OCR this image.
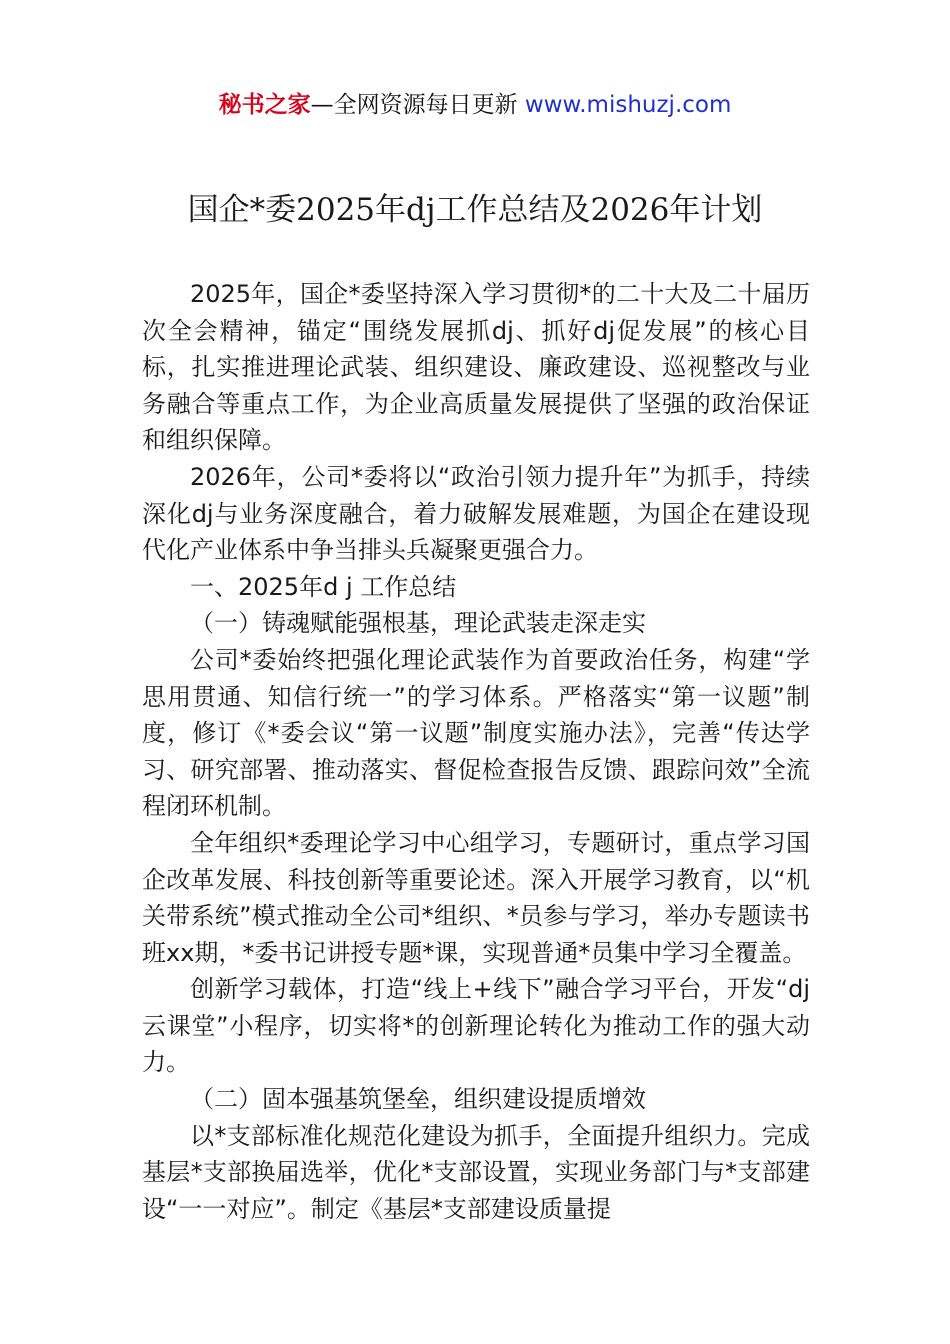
秘书之家—全网资源每日更新 www.mishuzj.com
国企*委2025年dj工作总结及2026年计划

2025年，国企*委坚持深入学习贯彻*的二十大及二十届历次全会精神，锚定“围绕发展抓dj、抓好dj促发展”的核心目标，扎实推进理论武装、组织建设、廉政建设、巡视整改与业务融合等重点工作，为企业高质量发展提供了坚强的政治保证和组织保障。

2026年，公司*委将以“政治引领力提升年”为抓手，持续深化dj与业务深度融合，着力破解发展难题，为国企在建设现代化产业体系中争当排头兵凝聚更强合力。

一、2025年d j 工作总结

（一）铸魂赋能强根基，理论武装走深走实

公司*委始终把强化理论武装作为首要政治任务，构建“学思用贯通、知信行统一”的学习体系。严格落实“第一议题”制度，修订《*委会议“第一议题”制度实施办法》，完善“传达学习、研究部署、推动落实、督促检查报告反馈、跟踪问效”全流程闭环机制。

全年组织*委理论学习中心组学习，专题研讨，重点学习国企改革发展、科技创新等重要论述。深入开展学习教育，以“机关带系统”模式推动全公司*组织、*员参与学习，举办专题读书班xx期，*委书记讲授专题*课，实现普通*员集中学习全覆盖。

创新学习载体，打造“线上+线下”融合学习平台，开发“dj云课堂”小程序，切实将*的创新理论转化为推动工作的强大动力。

（二）固本强基筑堡垒，组织建设提质增效

以*支部标准化规范化建设为抓手，全面提升组织力。完成基层*支部换届选举，优化*支部设置，实现业务部门与*支部建设“一一对应”。制定《基层*支部建设质量提
